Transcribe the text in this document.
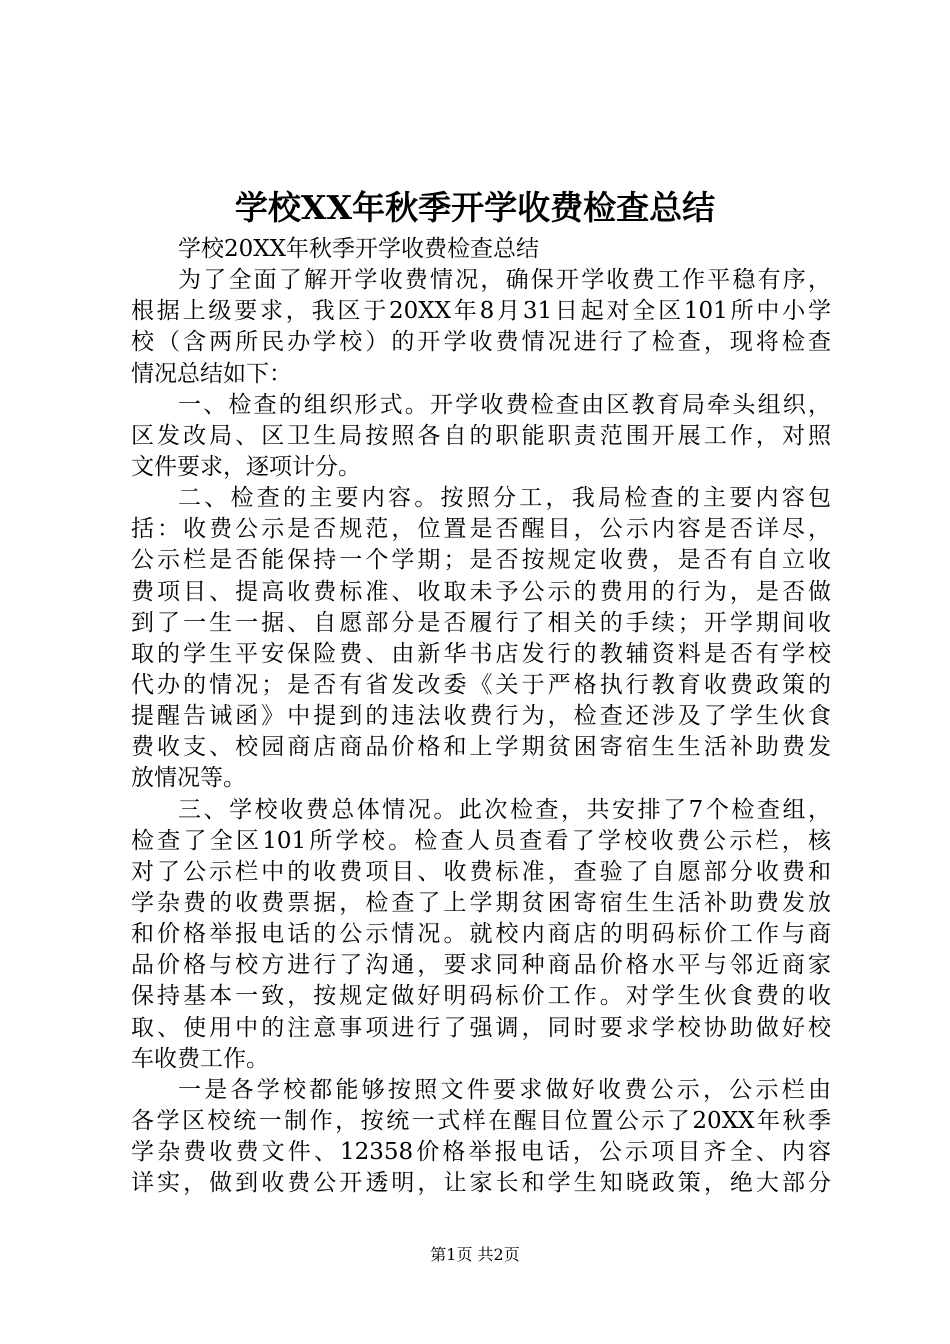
学校XX年秋季开学收费检查总结
学校20XX年秋季开学收费检查总结
为了全面了解开学收费情况，确保开学收费工作平稳有序，
根据上级要求，我区于20XX年8月31日起对全区101所中小学
校（含两所民办学校）的开学收费情况进行了检查，现将检查
情况总结如下：
一、检查的组织形式。开学收费检查由区教育局牵头组织，
区发改局、区卫生局按照各自的职能职责范围开展工作，对照
文件要求，逐项计分。
二、检查的主要内容。按照分工，我局检查的主要内容包
括：收费公示是否规范，位置是否醒目，公示内容是否详尽，
公示栏是否能保持一个学期；是否按规定收费，是否有自立收
费项目、提高收费标准、收取未予公示的费用的行为，是否做
到了一生一据、自愿部分是否履行了相关的手续；开学期间收
取的学生平安保险费、由新华书店发行的教辅资料是否有学校
代办的情况；是否有省发改委《关于严格执行教育收费政策的
提醒告诫函》中提到的违法收费行为，检查还涉及了学生伙食
费收支、校园商店商品价格和上学期贫困寄宿生生活补助费发
放情况等。
三、学校收费总体情况。此次检查，共安排了7个检查组，
检查了全区101所学校。检查人员查看了学校收费公示栏，核
对了公示栏中的收费项目、收费标准，查验了自愿部分收费和
学杂费的收费票据，检查了上学期贫困寄宿生生活补助费发放
和价格举报电话的公示情况。就校内商店的明码标价工作与商
品价格与校方进行了沟通，要求同种商品价格水平与邻近商家
保持基本一致，按规定做好明码标价工作。对学生伙食费的收
取、使用中的注意事项进行了强调，同时要求学校协助做好校
车收费工作。
一是各学校都能够按照文件要求做好收费公示，公示栏由
各学区校统一制作，按统一式样在醒目位置公示了20XX年秋季
学杂费收费文件、12358价格举报电话，公示项目齐全、内容
详实，做到收费公开透明，让家长和学生知晓政策，绝大部分
第1页 共2页
